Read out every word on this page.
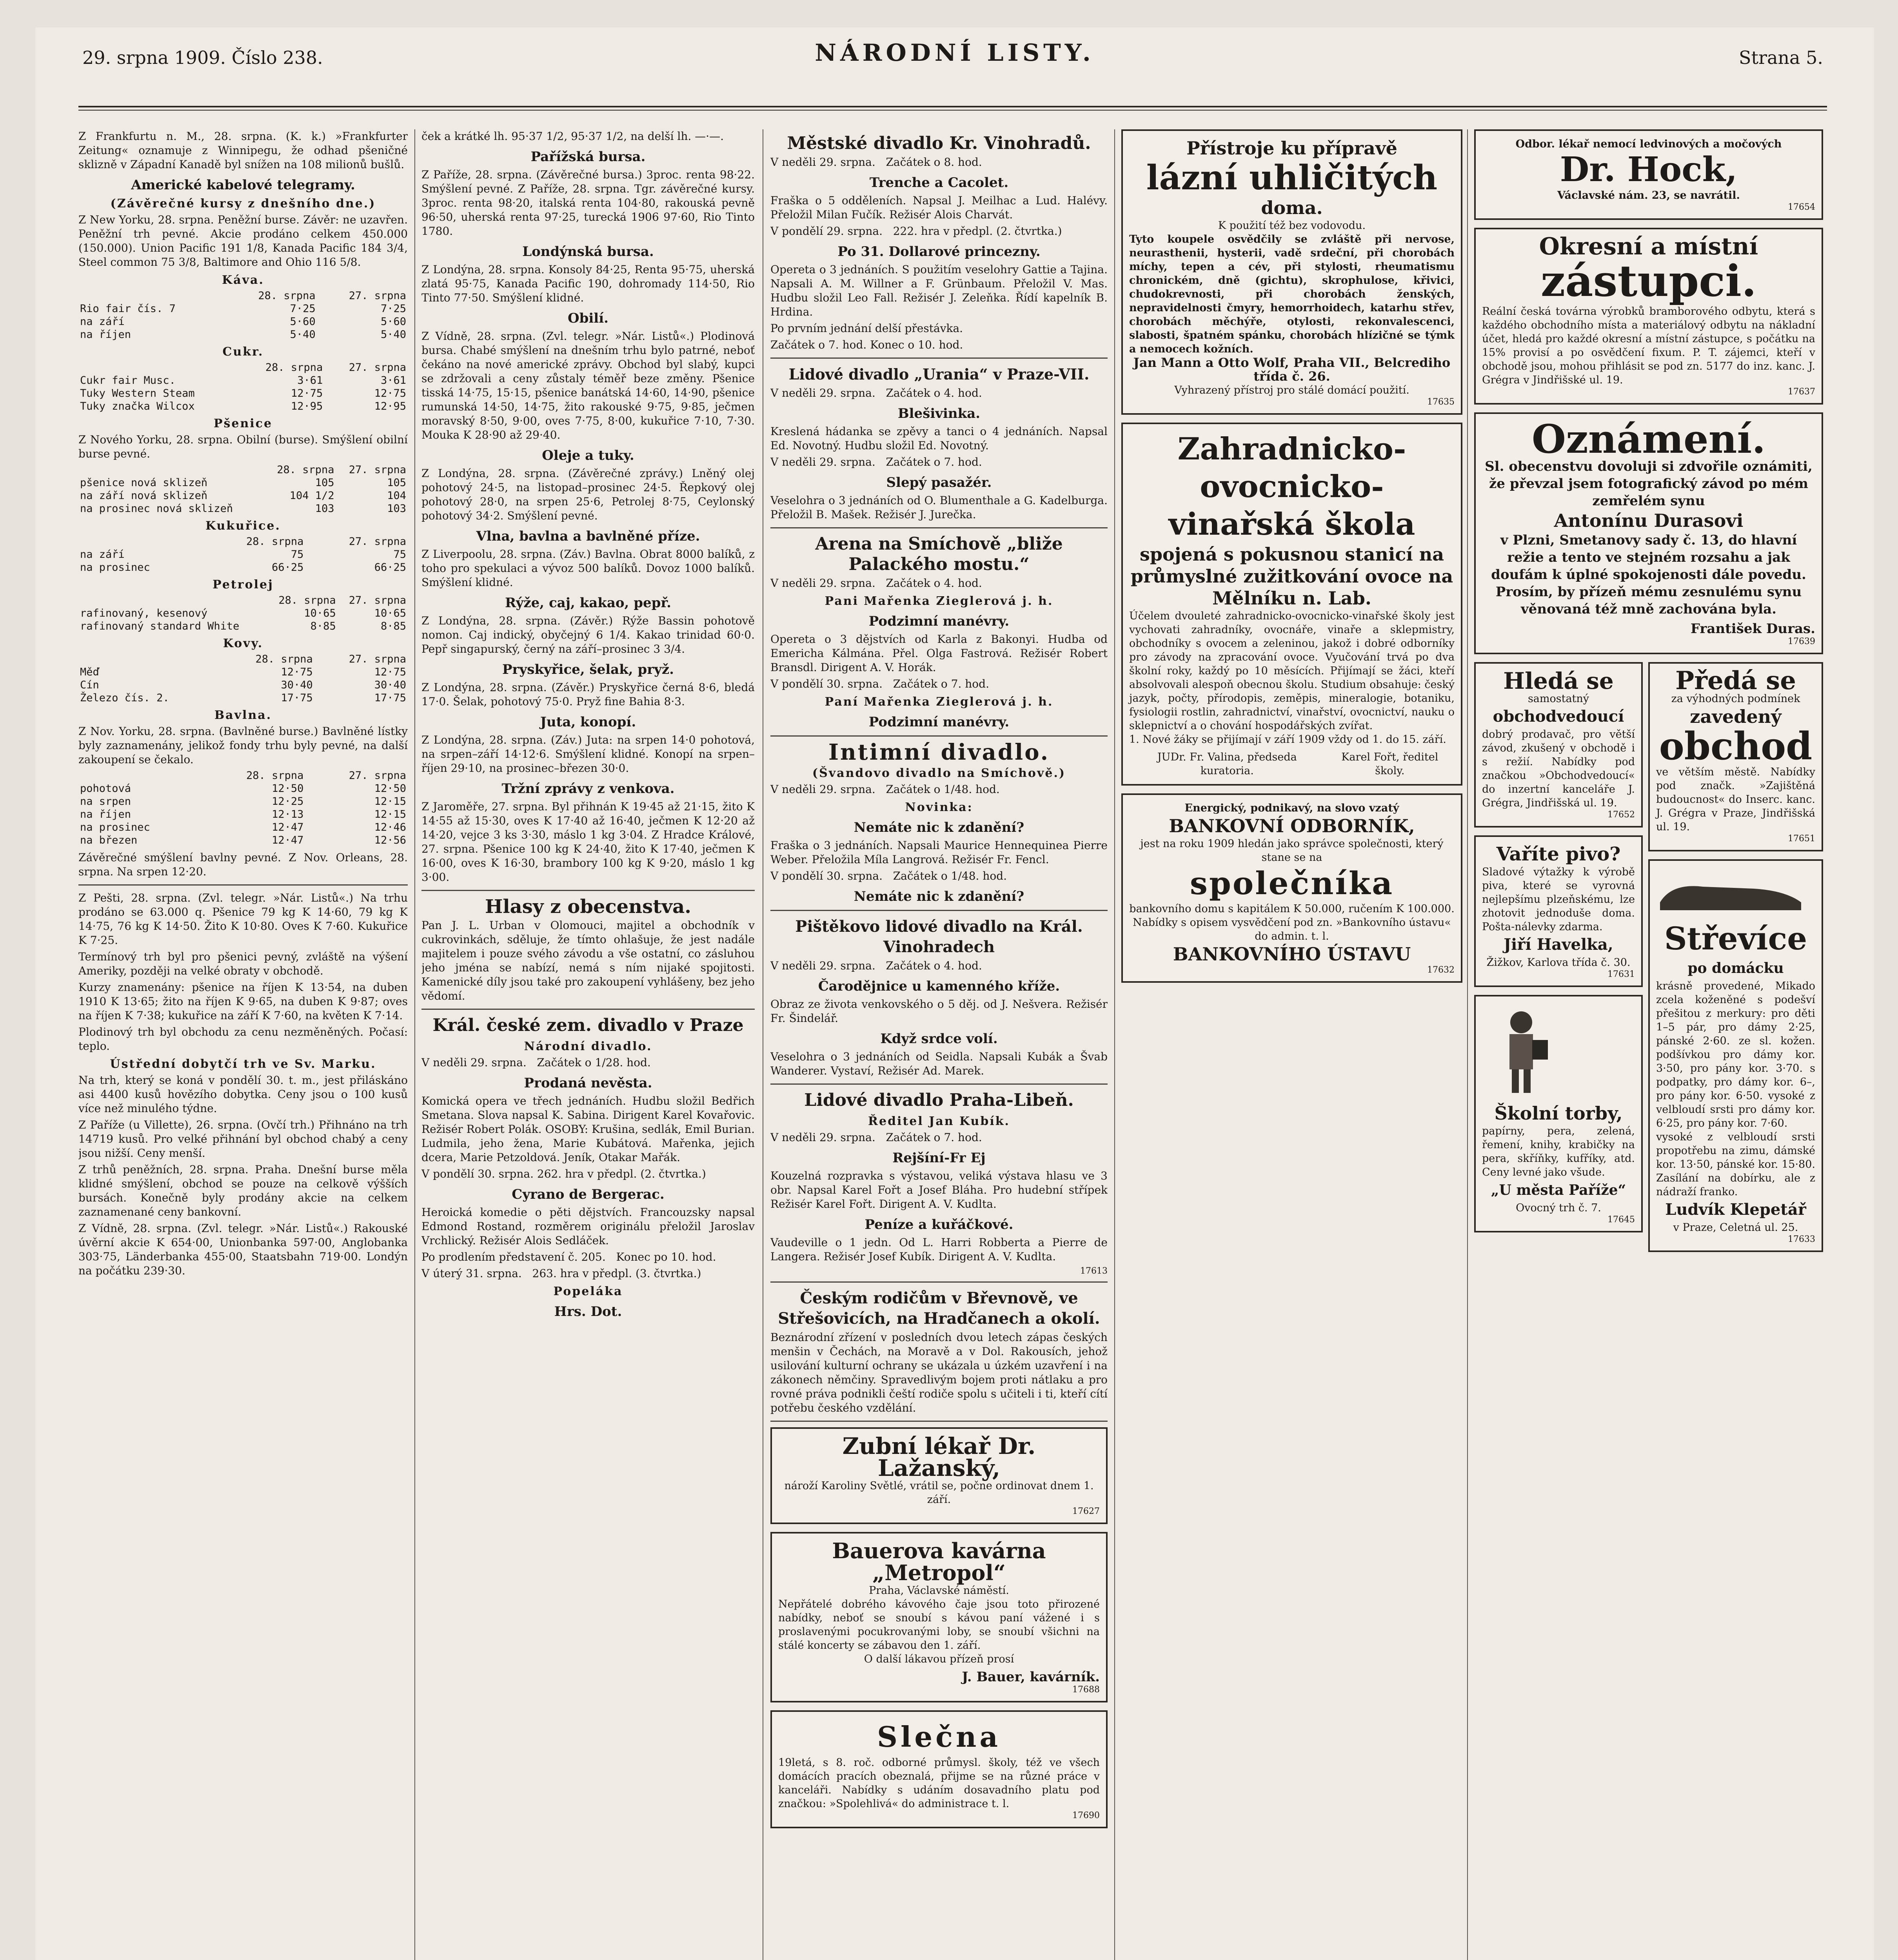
29. srpna 1909. Číslo 238.	NÁRODNÍ LISTY.	Strana 5.

Z Frankfurtu n. M., 28. srpna. (K. k.) »Frankfurter Zeitung« oznamuje z Winnipegu, že odhad pšeničné sklizně v Západní Kanadě byl snížen na 108 milionů bušlů.

Americké kabelové telegramy.
(Závěrečné kursy z dnešního dne.)

Z New Yorku, 28. srpna. Peněžní burse. Závěr: ne uzavřen. Peněžní trh pevné. Akcie prodáno celkem 450.000 (150.000). Union Pacific 191 1/8, Kanada Pacific 184 3/4, Steel common 75 3/8, Baltimore and Ohio 116 5/8.

Káva.
	28. srpna	27. srpna
Rio fair čís. 7	7·25	7·25
na září	5·60	5·60
na říjen	5·40	5·40
Cukr.
	28. srpna	27. srpna
Cukr fair Musc.	3·61	3·61
Tuky Western Steam	12·75	12·75
Tuky značka Wilcox	12·95	12·95
Pšenice

Z Nového Yorku, 28. srpna. Obilní (burse). Smýšlení obilní burse pevné.

	28. srpna	27. srpna
pšenice nová sklizeň	105	105
na září nová sklizeň	104 1/2	104
na prosinec nová sklizeň	103	103
Kukuřice.
	28. srpna	27. srpna
na září	75	75
na prosinec	66·25	66·25
Petrolej
	28. srpna	27. srpna
rafinovaný, kesenový	10·65	10·65
rafinovaný standard White	8·85	8·85
Kovy.
	28. srpna	27. srpna
Měď	12·75	12·75
Cín	30·40	30·40
Železo čís. 2.	17·75	17·75
Bavlna.

Z Nov. Yorku, 28. srpna. (Bavlněné burse.) Bavlněné lístky byly zaznamenány, jelikož fondy trhu byly pevné, na další zakoupení se čekalo.

	28. srpna	27. srpna
pohotová	12·50	12·50
na srpen	12·25	12·15
na říjen	12·13	12·15
na prosinec	12·47	12·46
na březen	12·47	12·56

Závěrečné smýšlení bavlny pevné. Z Nov. Orleans, 28. srpna. Na srpen 12·20.

Z Pešti, 28. srpna. (Zvl. telegr. »Nár. Listů«.) Na trhu prodáno se 63.000 q. Pšenice 79 kg K 14·60, 79 kg K 14·75, 76 kg K 14·50. Žito K 10·80. Oves K 7·60. Kukuřice K 7·25.

Termínový trh byl pro pšenici pevný, zvláště na výšení Ameriky, později na velké obraty v obchodě.

Kurzy znamenány: pšenice na říjen K 13·54, na duben 1910 K 13·65; žito na říjen K 9·65, na duben K 9·87; oves na říjen K 7·38; kukuřice na září K 7·60, na květen K 7·14.

Plodinový trh byl obchodu za cenu nezměněných. Počasí: teplo.

Ústřední dobytčí trh ve Sv. Marku.

Na trh, který se koná v pondělí 30. t. m., jest přiláskáno asi 4400 kusů hovězího dobytka. Ceny jsou o 100 kusů více než minulého týdne.

Z Paříže (u Villette), 26. srpna. (Ovčí trh.) Přihnáno na trh 14719 kusů. Pro velké přihnání byl obchod chabý a ceny jsou nižší. Ceny menší.

Z trhů peněžních, 28. srpna. Praha. Dnešní burse měla klidné smýšlení, obchod se pouze na celkově výšších bursách. Konečně byly prodány akcie na celkem zaznamenané ceny bankovní.

Z Vídně, 28. srpna. (Zvl. telegr. »Nár. Listů«.) Rakouské úvěrní akcie K 654·00, Unionbanka 597·00, Anglobanka 303·75, Länderbanka 455·00, Staatsbahn 719·00. Londýn na počátku 239·30.

ček a krátké lh. 95·37 1/2, 95·37 1/2, na delší lh. —·—.

Pařížská bursa.

Z Paříže, 28. srpna. (Závěrečné bursa.) 3proc. renta 98·22. Smýšlení pevné. Z Paříže, 28. srpna. Tgr. závěrečné kursy. 3proc. renta 98·20, italská renta 104·80, rakouská pevně 96·50, uherská renta 97·25, turecká 1906 97·60, Rio Tinto 1780.

Londýnská bursa.

Z Londýna, 28. srpna. Konsoly 84·25, Renta 95·75, uherská zlatá 95·75, Kanada Pacific 190, dohromady 114·50, Rio Tinto 77·50. Smýšlení klidné.

Obilí.

Z Vídně, 28. srpna. (Zvl. telegr. »Nár. Listů«.) Plodinová bursa. Chabé smýšlení na dnešním trhu bylo patrné, neboť čekáno na nové americké zprávy. Obchod byl slabý, kupci se zdržovali a ceny zůstaly téměř beze změny. Pšenice tisská 14·75, 15·15, pšenice banátská 14·60, 14·90, pšenice rumunská 14·50, 14·75, žito rakouské 9·75, 9·85, ječmen moravský 8·50, 9·00, oves 7·75, 8·00, kukuřice 7·10, 7·30. Mouka K 28·90 až 29·40.

Oleje a tuky.

Z Londýna, 28. srpna. (Závěrečné zprávy.) Lněný olej pohotový 24·5, na listopad–prosinec 24·5. Řepkový olej pohotový 28·0, na srpen 25·6, Petrolej 8·75, Ceylonský pohotový 34·2. Smýšlení pevné.

Vlna, bavlna a bavlněné příze.

Z Liverpoolu, 28. srpna. (Záv.) Bavlna. Obrat 8000 balíků, z toho pro spekulaci a vývoz 500 balíků. Dovoz 1000 balíků. Smýšlení klidné.

Rýže, caj, kakao, pepř.

Z Londýna, 28. srpna. (Závěr.) Rýže Bassin pohotově nomon. Caj indický, obyčejný 6 1/4. Kakao trinidad 60·0. Pepř singapurský, černý na září–prosinec 3 3/4.

Pryskyřice, šelak, pryž.

Z Londýna, 28. srpna. (Závěr.) Pryskyřice černá 8·6, bledá 17·0. Šelak, pohotový 75·0. Pryž fine Bahia 8·3.

Juta, konopí.

Z Londýna, 28. srpna. (Záv.) Juta: na srpen 14·0 pohotová, na srpen–září 14·12·6. Smýšlení klidné. Konopí na srpen–říjen 29·10, na prosinec–březen 30·0.

Tržní zprávy z venkova.

Z Jaroměře, 27. srpna. Byl přihnán K 19·45 až 21·15, žito K 14·55 až 15·30, oves K 17·40 až 16·40, ječmen K 12·20 až 14·20, vejce 3 ks 3·30, máslo 1 kg 3·04. Z Hradce Králové, 27. srpna. Pšenice 100 kg K 24·40, žito K 17·40, ječmen K 16·00, oves K 16·30, brambory 100 kg K 9·20, máslo 1 kg 3·00.

Hlasy z obecenstva.

Pan J. L. Urban v Olomouci, majitel a obchodník v cukrovinkách, sděluje, že tímto ohlašuje, že jest nadále majitelem i pouze svého závodu a vše ostatní, co zásluhou jeho jména se nabízí, nemá s ním nijaké spojitosti. Kamenické díly jsou také pro zakoupení vyhlášeny, bez jeho vědomí.

Král. české zem. divadlo v Praze
Národní divadlo.

V neděli 29. srpna. Začátek o 1/28. hod.

Prodaná nevěsta.

Komická opera ve třech jednáních. Hudbu složil Bedřich Smetana. Slova napsal K. Sabina. Dirigent Karel Kovařovic. Režisér Robert Polák. OSOBY: Krušina, sedlák, Emil Burian. Ludmila, jeho žena, Marie Kubátová. Mařenka, jejich dcera, Marie Petzoldová. Jeník, Otakar Mařák.

V pondělí 30. srpna. 262. hra v předpl. (2. čtvrtka.)

Cyrano de Bergerac.

Heroická komedie o pěti dějstvích. Francouzsky napsal Edmond Rostand, rozměrem originálu přeložil Jaroslav Vrchlický. Režisér Alois Sedláček.

Po prodlením představení č. 205. Konec po 10. hod.

V úterý 31. srpna. 263. hra v předpl. (3. čtvrtka.)

Popeláka
Hrs. Dot.
Městské divadlo Kr. Vinohradů.

V neděli 29. srpna. Začátek o 8. hod.

Trenche a Cacolet.

Fraška o 5 odděleních. Napsal J. Meilhac a Lud. Halévy. Přeložil Milan Fučík. Režisér Alois Charvát.

V pondělí 29. srpna. 222. hra v předpl. (2. čtvrtka.)

Po 31. Dollarové princezny.

Opereta o 3 jednáních. S použitím veselohry Gattie a Tajina. Napsali A. M. Willner a F. Grünbaum. Přeložil V. Mas. Hudbu složil Leo Fall. Režisér J. Zeleňka. Řídí kapelník B. Hrdina.

Po prvním jednání delší přestávka.

Začátek o 7. hod. Konec o 10. hod.

Lidové divadlo „Urania“ v Praze-VII.

V neděli 29. srpna. Začátek o 4. hod.

Blešivinka.

Kreslená hádanka se zpěvy a tanci o 4 jednáních. Napsal Ed. Novotný. Hudbu složil Ed. Novotný.

V neděli 29. srpna. Začátek o 7. hod.

Slepý pasažér.

Veselohra o 3 jednáních od O. Blumenthale a G. Kadelburga. Přeložil B. Mašek. Režisér J. Jurečka.

Arena na Smíchově „bliže Palackého mostu.“

V neděli 29. srpna. Začátek o 4. hod.

Pani Mařenka Zieglerová j. h.
Podzimní manévry.

Opereta o 3 dějstvích od Karla z Bakonyi. Hudba od Emericha Kálmána. Přel. Olga Fastrová. Režisér Robert Bransdl. Dirigent A. V. Horák.

V pondělí 30. srpna. Začátek o 7. hod.

Paní Mařenka Zieglerová j. h.
Podzimní manévry.
Intimní divadlo.
(Švandovo divadlo na Smíchově.)

V neděli 29. srpna. Začátek o 1/48. hod.

Novinka:
Nemáte nic k zdanění?

Fraška o 3 jednáních. Napsali Maurice Hennequinea Pierre Weber. Přeložila Míla Langrová. Režisér Fr. Fencl.

V pondělí 30. srpna. Začátek o 1/48. hod.

Nemáte nic k zdanění?
Pištěkovo lidové divadlo na Král. Vinohradech

V neděli 29. srpna. Začátek o 4. hod.

Čarodějnice u kamenného kříže.

Obraz ze života venkovského o 5 děj. od J. Nešvera. Režisér Fr. Šindelář.

Když srdce volí.

Veselohra o 3 jednáních od Seidla. Napsali Kubák a Švab Wanderer. Vystaví, Režisér Ad. Marek.

Lidové divadlo Praha-Libeň.
Ředitel Jan Kubík.

V neděli 29. srpna. Začátek o 7. hod.

Rejšíní-Fr Ej

Kouzelná rozpravka s výstavou, veliká výstava hlasu ve 3 obr. Napsal Karel Fořt a Josef Bláha. Pro hudební střípek Režisér Karel Fořt. Dirigent A. V. Kudlta.

Peníze a kuřáčkové.

Vaudeville o 1 jedn. Od L. Harri Robberta a Pierre de Langera. Režisér Josef Kubík. Dirigent A. V. Kudlta.

17613
Českým rodičům v Břevnově, ve Střešovicích, na Hradčanech a okolí.

Beznárodní zřízení v posledních dvou letech zápas českých menšin v Čechách, na Moravě a v Dol. Rakousích, jehož usilování kulturní ochrany se ukázala u úzkém uzavření i na zákonech němčiny. Spravedlivým bojem proti nátlaku a pro rovné práva podnikli čeští rodiče spolu s učiteli i ti, kteří cítí potřebu českého vzdělání.

Zubní lékař Dr. Lažanský,
nároží Karoliny Světlé, vrátil se, počne ordinovat dnem 1. září.
17627
Bauerova kavárna „Metropol“
Praha, Václavské náměstí.
Nepřátelé dobrého kávového čaje jsou toto přirozené nabídky, neboť se snoubí s kávou paní vážené i s proslavenými pocukrovanými loby, se snoubí všichni na stálé koncerty se zábavou den 1. září.
O další lákavou přízeň prosí
J. Bauer, kavárník.
17688
Slečna
19letá, s 8. roč. odborné průmysl. školy, též ve všech domácích pracích obeznalá, přijme se na různé práce v kanceláři. Nabídky s udáním dosavadního platu pod značkou: »Spolehlivá« do administrace t. l.
17690
Přístroje ku přípravě
lázní uhličitých
doma.
K použití též bez vodovodu.
Tyto koupele osvědčily se zvláště při nervose, neurasthenii, hysterii, vadě srdeční, při chorobách míchy, tepen a cév, při stylosti, rheumatismu chronickém, dně (gichtu), skrophulose, křivici, chudokrevnosti, při chorobách ženských, nepravidelnosti čmyry, hemorrhoidech, katarhu střev, chorobách měchýře, otylosti, rekonvalescenci, slabosti, špatném spánku, chorobách hlízičné se týmk a nemocech kožních.
Jan Mann a Otto Wolf, Praha VII., Belcrediho třída č. 26.
Vyhrazený přístroj pro stálé domácí použití.
17635
Zahradnicko-ovocnicko-vinařská škola
spojená s pokusnou stanicí na průmyslné zužitkování ovoce na Mělníku n. Lab.
Účelem dvouleté zahradnicko-ovocnicko-vinařské školy jest vychovati zahradníky, ovocnáře, vinaře a sklepmistry, obchodníky s ovocem a zeleninou, jakož i dobré odborníky pro závody na zpracování ovoce. Vyučování trvá po dva školní roky, každý po 10 měsících. Přijímají se žáci, kteří absolvovali alespoň obecnou školu. Studium obsahuje: český jazyk, počty, přírodopis, zeměpis, mineralogie, botaniku, fysiologii rostlin, zahradnictví, vinařství, ovocnictví, nauku o sklepnictví a o chování hospodářských zvířat.
1. Nové žáky se přijímají v září 1909 vždy od 1. do 15. září.
JUDr. Fr. Valina, předseda kuratoria.
Karel Fořt, ředitel školy.
Energický, podnikavý, na slovo vzatý
BANKOVNÍ ODBORNÍK,
jest na roku 1909 hledán jako správce společnosti, který stane se na
společníka
bankovního domu s kapitálem K 50.000, ručením K 100.000. Nabídky s opisem vysvědčení pod zn. »Bankovního ústavu« do admin. t. l.
BANKOVNÍHO ÚSTAVU
17632
Odbor. lékař nemocí ledvinových a močových
Dr. Hock,
Václavské nám. 23, se navrátil.
17654
Okresní a místní
zástupci.
Reální česká továrna výrobků bramborového odbytu, která s každého obchodního místa a materiálový odbytu na nákladní účet, hledá pro každé okresní a místní zástupce, s počátku na 15% provisí a po osvědčení fixum. P. T. zájemci, kteří v obchodě jsou, mohou přihlásit se pod zn. 5177 do inz. kanc. J. Grégra v Jindřišské ul. 19.
17637
Oznámení.
Sl. obecenstvu dovoluji si zdvořile oznámiti, že převzal jsem fotografický závod po mém zemřelém synu
Antonínu Durasovi
v Plzni, Smetanovy sady č. 13, do hlavní režie a tento ve stejném rozsahu a jak doufám k úplné spokojenosti dále povedu. Prosím, by přízeň mému zesnulému synu věnovaná též mně zachována byla.
František Duras.
17639
Hledá se
samostatný
obchodvedoucí
dobrý prodavač, pro větší závod, zkušený v obchodě i s režií. Nabídky pod značkou »Obchodvedoucí« do inzertní kanceláře J. Grégra, Jindřišská ul. 19.
17652
Vaříte pivo?
Sladové výtažky k výrobě piva, které se vyrovná nejlepšímu plzeňskému, lze zhotovit jednoduše doma. Pošta-nálevky zdarma.
Jiří Havelka,
Žižkov, Karlova třída č. 30.
17631
Školní torby,
papírny, pera, zelená, řemení, knihy, krabičky na pera, skříňky, kufříky, atd. Ceny levné jako všude.
„U města Paříže“
Ovocný trh č. 7.
17645
Předá se
za výhodných podmínek
zavedený
obchod
ve větším městě. Nabídky pod značk. »Zajištěná budoucnost« do Inserc. kanc. J. Grégra v Praze, Jindřišská ul. 19.
17651
Střevíce
po domácku
krásně provedené, Mikado zcela koženěné s podešví přešitou z merkury: pro děti 1–5 pár, pro dámy 2·25, pánské 2·60. ze sl. kožen. podšívkou pro dámy kor. 3·50, pro pány kor. 3·70. s podpatky, pro dámy kor. 6–, pro pány kor. 6·50. vysoké z velbloudí srsti pro dámy kor. 6·25, pro pány kor. 7·60.
vysoké z velbloudí srsti propotřebu na zimu, dámské kor. 13·50, pánské kor. 15·80. Zasílání na dobírku, ale z nádraží franko.
Ludvík Klepetář
v Praze, Celetná ul. 25.
17633
